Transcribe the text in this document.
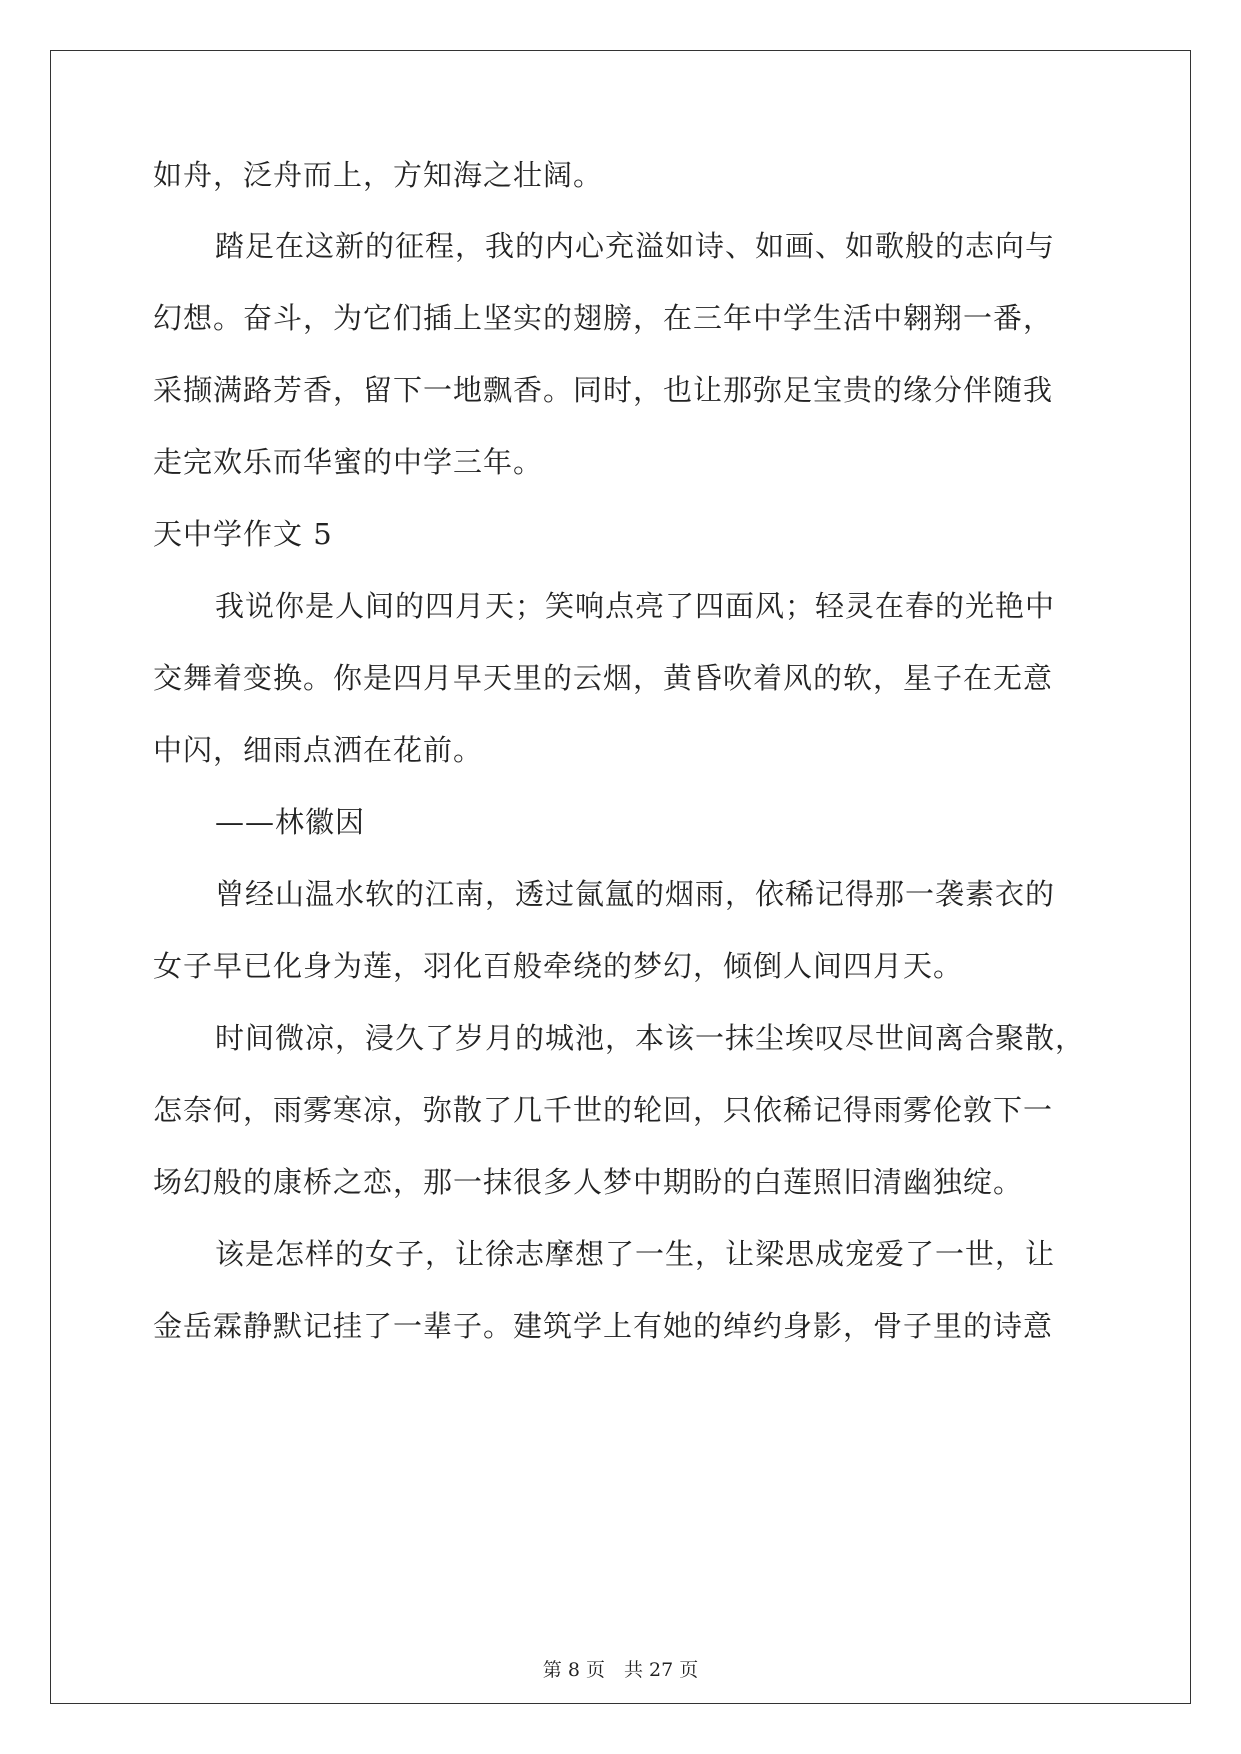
如舟，泛舟而上，方知海之壮阔。
踏足在这新的征程，我的内心充溢如诗、如画、如歌般的志向与
幻想。奋斗，为它们插上坚实的翅膀，在三年中学生活中翱翔一番，
采撷满路芳香，留下一地飘香。同时，也让那弥足宝贵的缘分伴随我
走完欢乐而华蜜的中学三年。
天中学作文 5
我说你是人间的四月天；笑响点亮了四面风；轻灵在春的光艳中
交舞着变换。你是四月早天里的云烟，黄昏吹着风的软，星子在无意
中闪，细雨点洒在花前。
——林徽因
曾经山温水软的江南，透过氤氲的烟雨，依稀记得那一袭素衣的
女子早已化身为莲，羽化百般牵绕的梦幻，倾倒人间四月天。
时间微凉，浸久了岁月的城池，本该一抹尘埃叹尽世间离合聚散，
怎奈何，雨雾寒凉，弥散了几千世的轮回，只依稀记得雨雾伦敦下一
场幻般的康桥之恋，那一抹很多人梦中期盼的白莲照旧清幽独绽。
该是怎样的女子，让徐志摩想了一生，让梁思成宠爱了一世，让
金岳霖静默记挂了一辈子。建筑学上有她的绰约身影，骨子里的诗意
第 8 页　共 27 页
